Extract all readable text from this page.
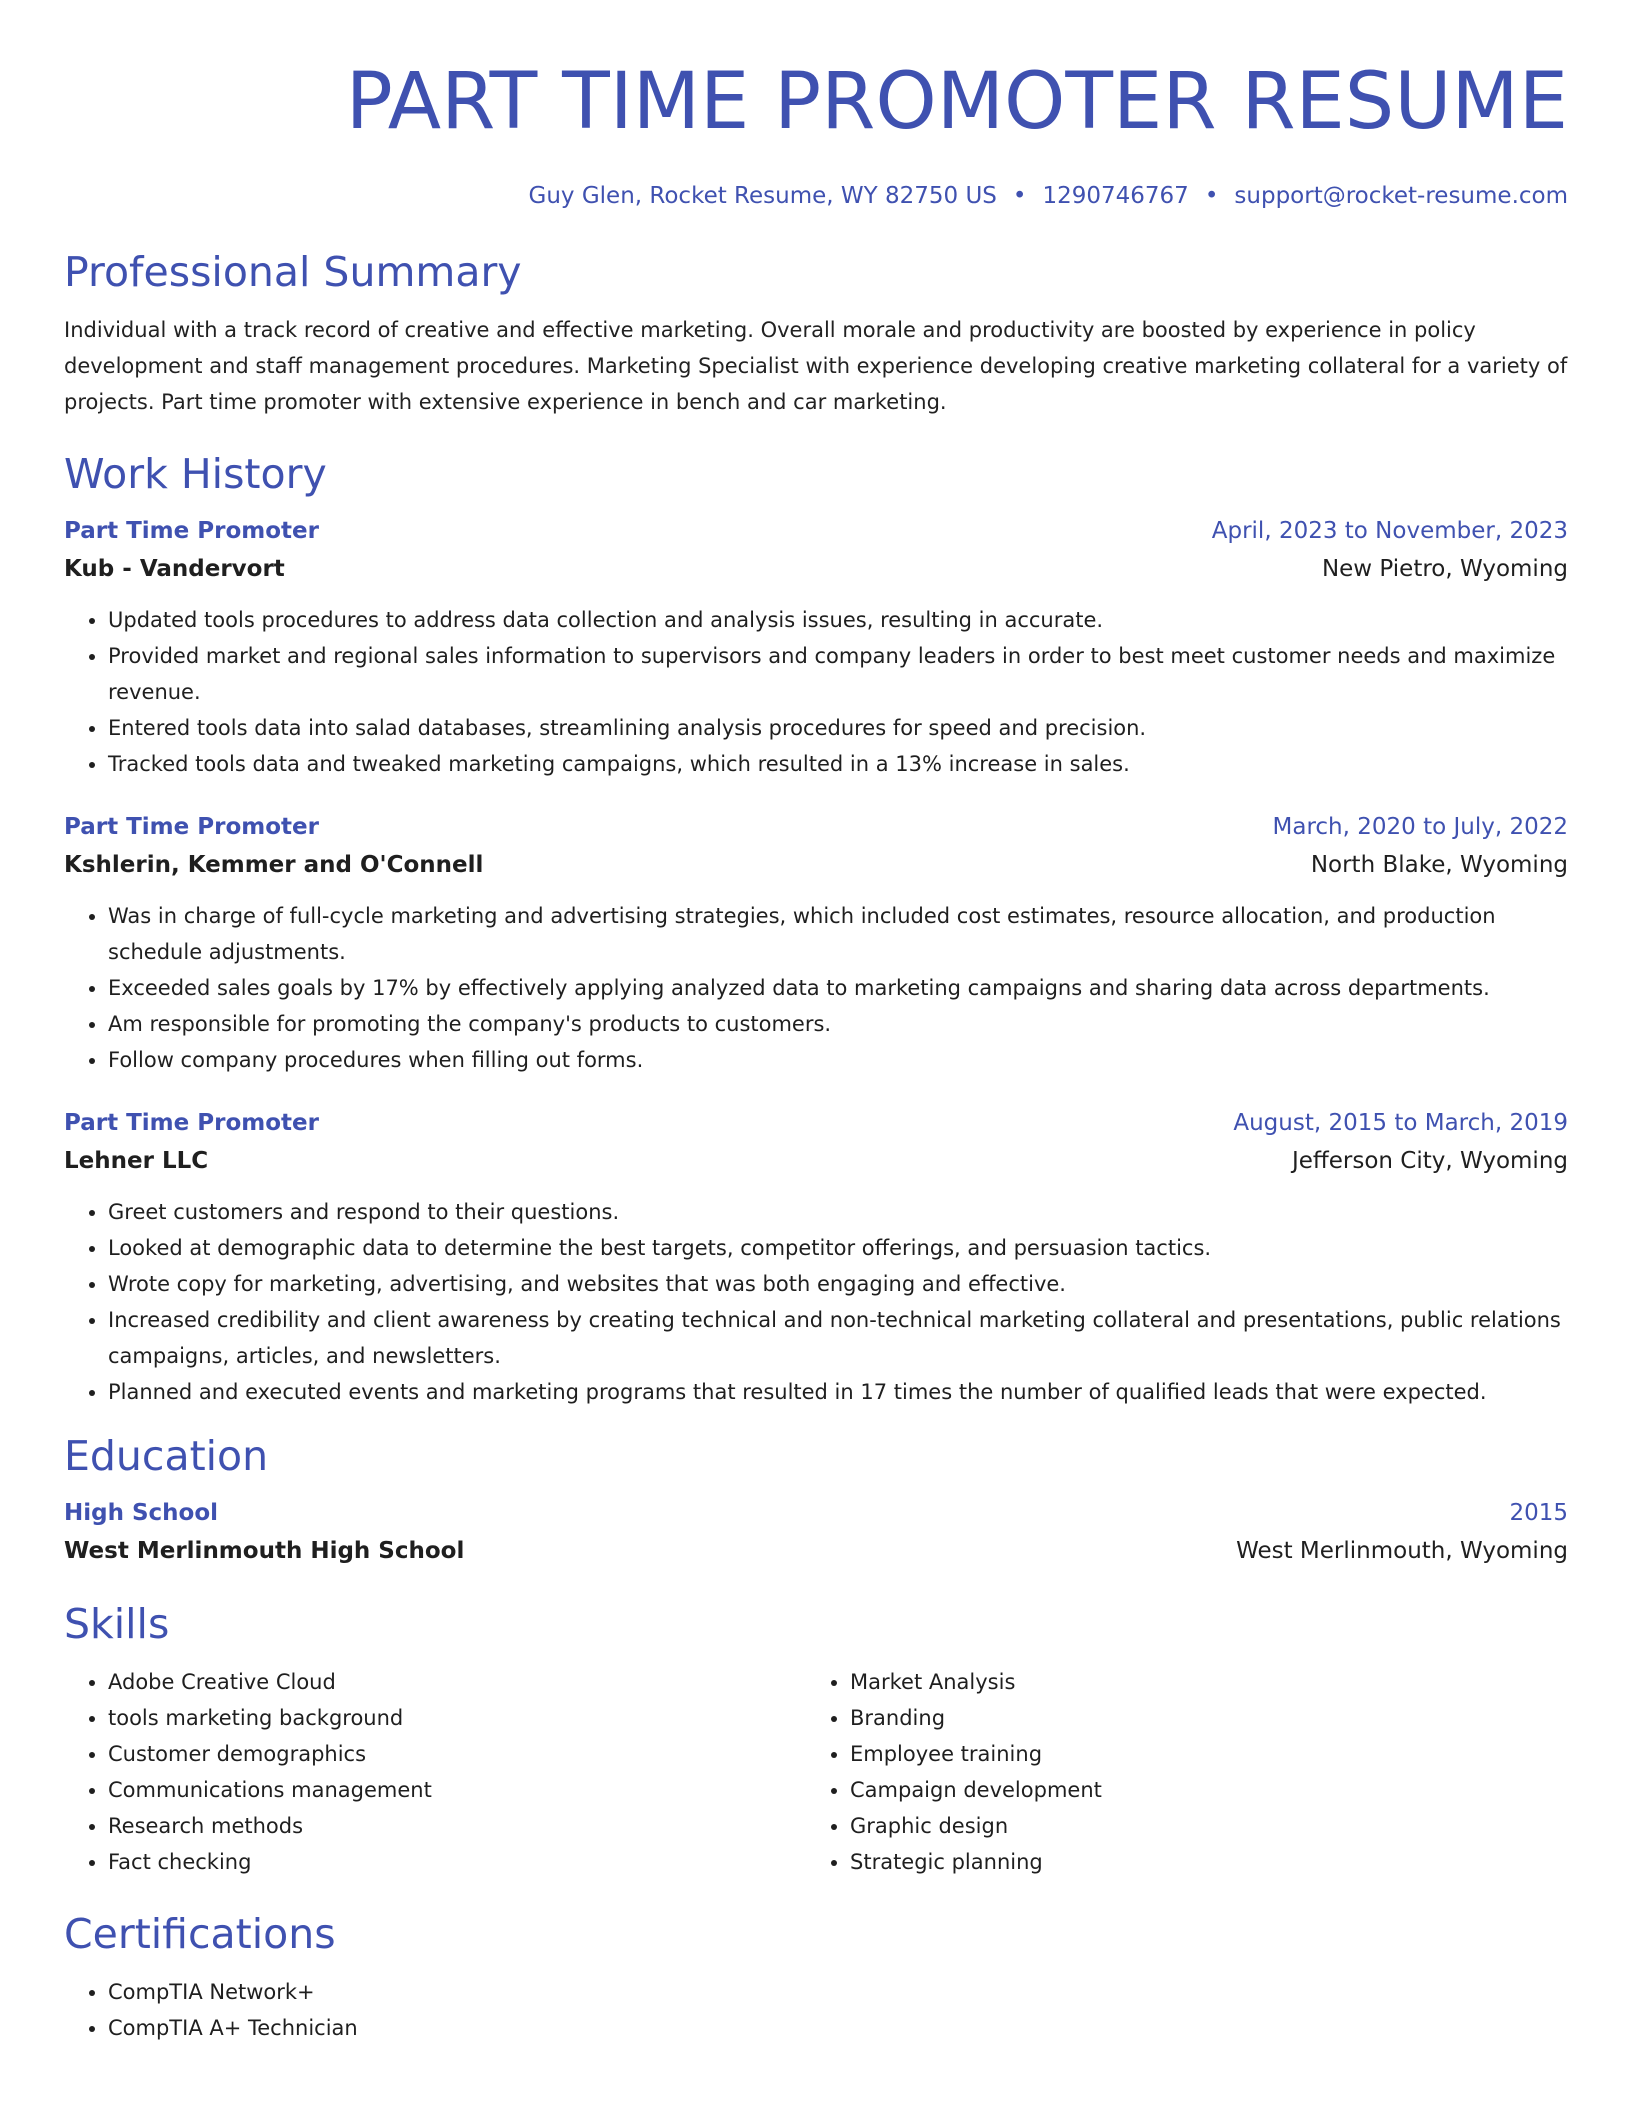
PART TIME PROMOTER RESUME
Guy Glen, Rocket Resume, WY 82750 US • 1290746767 • support@rocket-resume.com
Professional Summary
Individual with a track record of creative and effective marketing. Overall morale and productivity are boosted by experience in policy development and staff management procedures. Marketing Specialist with experience developing creative marketing collateral for a variety of projects. Part time promoter with extensive experience in bench and car marketing.
Work History
Part Time Promoter	April, 2023 to November, 2023
Kub - Vandervort	New Pietro, Wyoming
• Updated tools procedures to address data collection and analysis issues, resulting in accurate.
• Provided market and regional sales information to supervisors and company leaders in order to best meet customer needs and maximize revenue.
• Entered tools data into salad databases, streamlining analysis procedures for speed and precision.
• Tracked tools data and tweaked marketing campaigns, which resulted in a 13% increase in sales.
Part Time Promoter	March, 2020 to July, 2022
Kshlerin, Kemmer and O'Connell	North Blake, Wyoming
• Was in charge of full-cycle marketing and advertising strategies, which included cost estimates, resource allocation, and production schedule adjustments.
• Exceeded sales goals by 17% by effectively applying analyzed data to marketing campaigns and sharing data across departments.
• Am responsible for promoting the company's products to customers.
• Follow company procedures when filling out forms.
Part Time Promoter	August, 2015 to March, 2019
Lehner LLC	Jefferson City, Wyoming
• Greet customers and respond to their questions.
• Looked at demographic data to determine the best targets, competitor offerings, and persuasion tactics.
• Wrote copy for marketing, advertising, and websites that was both engaging and effective.
• Increased credibility and client awareness by creating technical and non-technical marketing collateral and presentations, public relations campaigns, articles, and newsletters.
• Planned and executed events and marketing programs that resulted in 17 times the number of qualified leads that were expected.
Education
High School	2015
West Merlinmouth High School	West Merlinmouth, Wyoming
Skills
• Adobe Creative Cloud
• tools marketing background
• Customer demographics
• Communications management
• Research methods
• Fact checking
• Market Analysis
• Branding
• Employee training
• Campaign development
• Graphic design
• Strategic planning
Certifications
• CompTIA Network+
• CompTIA A+ Technician
